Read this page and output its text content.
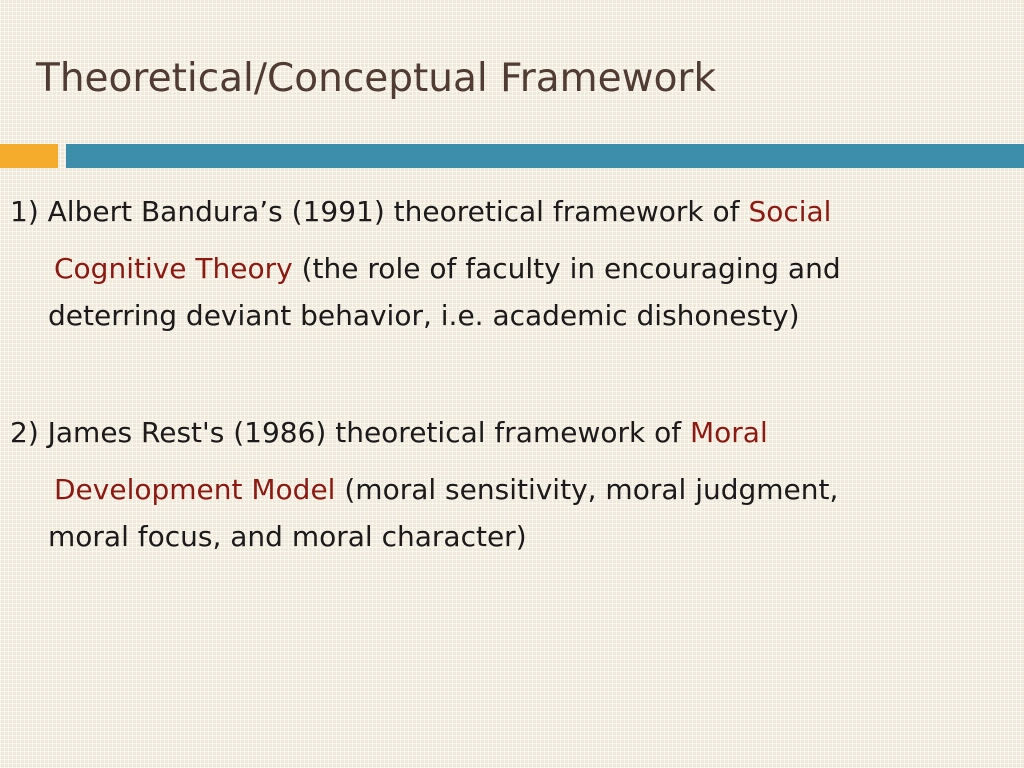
Theoretical/Conceptual Framework
1) Albert Bandura’s (1991) theoretical framework of Social
Cognitive Theory (the role of faculty in encouraging and
deterring deviant behavior, i.e. academic dishonesty)
2) James Rest's (1986) theoretical framework of Moral
Development Model (moral sensitivity, moral judgment,
moral focus, and moral character)
